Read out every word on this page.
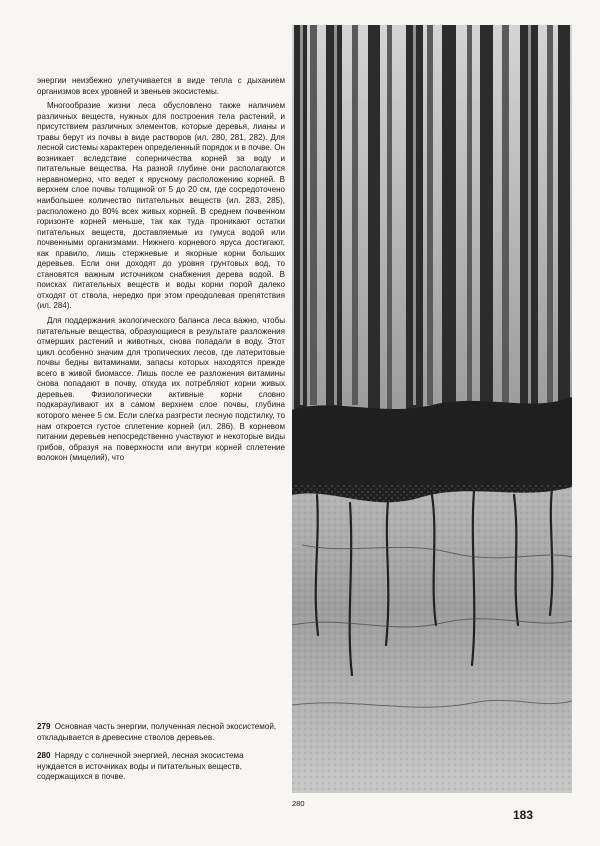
энергии неизбежно улетучивается в виде тепла с дыханием организмов всех уровней и звеньев экосистемы.

Многообразие жизни леса обусловлено также наличием различных веществ, нужных для построения тела растений, и присутствием различных элементов, которые деревья, лианы и травы берут из почвы в виде растворов (ил. 280, 281, 282). Для лесной системы характерен определенный порядок и в почве. Он возникает вследствие соперничества корней за воду и питательные вещества. На разной глубине они располагаются неравномерно, что ведет к ярусному расположению корней. В верхнем слое почвы толщиной от 5 до 20 см, где сосредоточено наибольшее количество питательных веществ (ил. 283, 285), расположено до 80% всех живых корней. В среднем почвенном горизонте корней меньше, так как туда проникают остатки питательных веществ, доставляемые из гумуса водой или почвенными организмами. Нижнего корневого яруса достигают, как правило, лишь стержневые и якорные корни больших деревьев. Если они доходят до уровня грунтовых вод, то становятся важным источником снабжения дерева водой. В поисках питательных веществ и воды корни порой далеко отходят от ствола, нередко при этом преодолевая препятствия (ил. 284).

Для поддержания экологического баланса леса важно, чтобы питательные вещества, образующиеся в результате разложения отмерших растений и животных, снова попадали в воду. Этот цикл особенно значим для тропических лесов, где латеритовые почвы бедны витаминами, запасы которых находятся прежде всего в живой биомассе. Лишь после ее разложения витамины снова попадают в почву, откуда их потребляют корни живых деревьев. Физиологически активные корни словно подкарауливают их в самом верхнем слое почвы, глубина которого менее 5 см. Если слегка разгрести лесную подстилку, то нам откроется густое сплетение корней (ил. 286). В корневом питании деревьев непосредственно участвуют и некоторые виды грибов, образуя на поверхности или внутри корней сплетение волокон (мицелий), что

279 Основная часть энергии, полученная лесной экосистемой, откладывается в древесине стволов деревьев.

280 Наряду с солнечной энергией, лесная экосистема нуждается в источниках воды и питательных веществ, содержащихся в почве.

280
183
